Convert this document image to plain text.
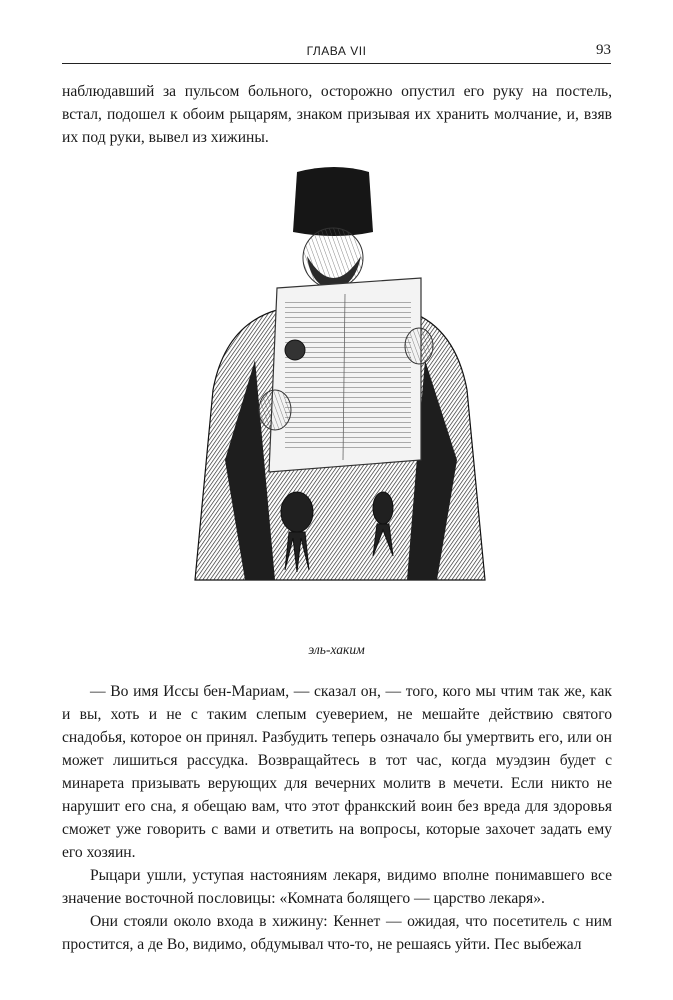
ГЛАВА VII	93

наблюдавший за пульсом больного, осторожно опустил его руку на постель, встал, подошел к обоим рыцарям, знаком призывая их хранить молчание, и, взяв их под руки, вывел из хижины.

эль-хаким

— Во имя Иссы бен-Мариам, — сказал он, — того, кого мы чтим так же, как и вы, хоть и не с таким слепым суеверием, не мешайте действию святого снадобья, которое он принял. Разбудить теперь означало бы умертвить его, или он может лишиться рассудка. Возвращайтесь в тот час, когда муэдзин будет с минарета призывать верующих для вечерних молитв в мечети. Если никто не нарушит его сна, я обещаю вам, что этот франкский воин без вреда для здоровья сможет уже говорить с вами и ответить на вопросы, которые захочет задать ему его хозяин.

Рыцари ушли, уступая настояниям лекаря, видимо вполне понимавшего все значение восточной пословицы: «Комната болящего — царство лекаря».

Они стояли около входа в хижину: Кеннет — ожидая, что посетитель с ним простится, а де Во, видимо, обдумывал что-то, не решаясь уйти. Пес выбежал
